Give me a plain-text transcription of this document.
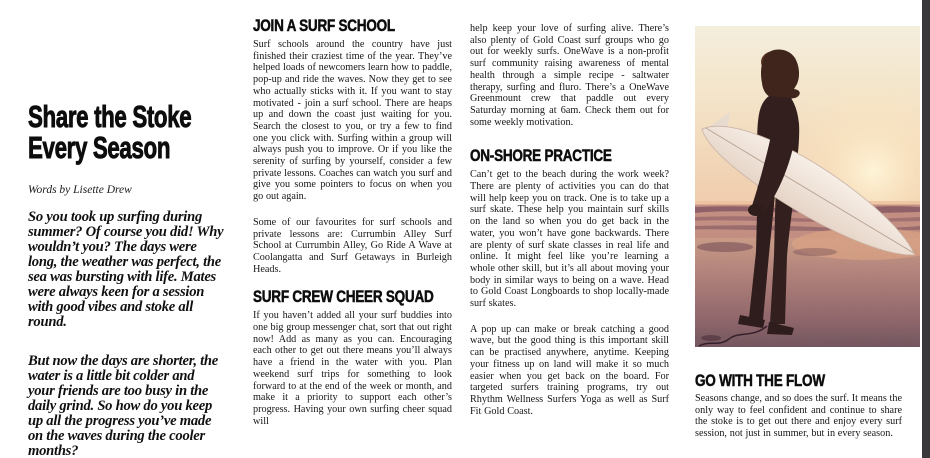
Share the Stoke
Every Season
Words by Lisette Drew

So you took up surfing during summer? Of course you did! Why wouldn’t you? The days were long, the weather was perfect, the sea was bursting with life. Mates were always keen for a session with good vibes and stoke all round.

But now the days are shorter, the water is a little bit colder and your friends are too busy in the daily grind. So how do you keep up all the progress you’ve made on the waves during the cooler months?

JOIN A SURF SCHOOL

Surf schools around the country have just finished their craziest time of the year. They’ve helped loads of newcomers learn how to paddle, pop-up and ride the waves. Now they get to see who actually sticks with it. If you want to stay motivated - join a surf school. There are heaps up and down the coast just waiting for you. Search the closest to you, or try a few to find one you click with. Surfing within a group will always push you to improve. Or if you like the serenity of surfing by yourself, consider a few private lessons. Coaches can watch you surf and give you some pointers to focus on when you go out again.

Some of our favourites for surf schools and private lessons are: Currumbin Alley Surf School at Currumbin Alley, Go Ride A Wave at Coolangatta and Surf Getaways in Burleigh Heads.

SURF CREW CHEER SQUAD

If you haven’t added all your surf buddies into one big group messenger chat, sort that out right now! Add as many as you can. Encouraging each other to get out there means you’ll always have a friend in the water with you. Plan weekend surf trips for something to look forward to at the end of the week or month, and make it a priority to support each other’s progress. Having your own surfing cheer squad will

help keep your love of surfing alive. There’s also plenty of Gold Coast surf groups who go out for weekly surfs. OneWave is a non-profit surf community raising awareness of mental health through a simple recipe - saltwater therapy, surfing and fluro. There’s a OneWave Greenmount crew that paddle out every Saturday morning at 6am. Check them out for some weekly motivation.

ON-SHORE PRACTICE

Can’t get to the beach during the work week? There are plenty of activities you can do that will help keep you on track. One is to take up a surf skate. These help you maintain surf skills on the land so when you do get back in the water, you won’t have gone backwards. There are plenty of surf skate classes in real life and online. It might feel like you’re learning a whole other skill, but it’s all about moving your body in similar ways to being on a wave. Head to Gold Coast Longboards to shop locally-made surf skates.

A pop up can make or break catching a good wave, but the good thing is this important skill can be practised anywhere, anytime. Keeping your fitness up on land will make it so much easier when you get back on the board. For targeted surfers training programs, try out Rhythm Wellness Surfers Yoga as well as Surf Fit Gold Coast.

GO WITH THE FLOW

Seasons change, and so does the surf. It means the only way to feel confident and continue to share the stoke is to get out there and enjoy every surf session, not just in summer, but in every season.
